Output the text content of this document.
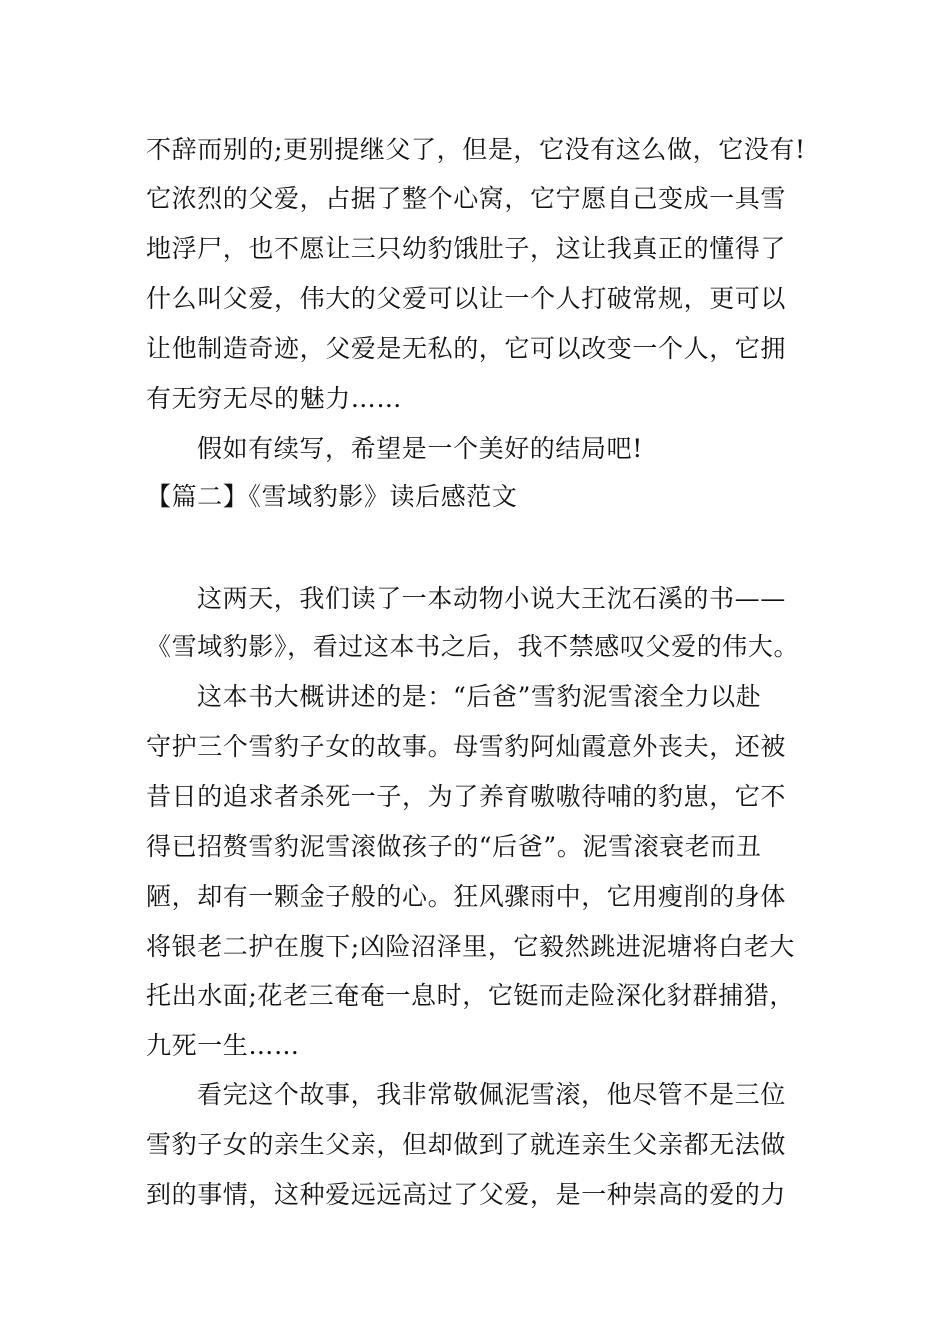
不辞而别的;更别提继父了，但是，它没有这么做，它没有!
它浓烈的父爱，占据了整个心窝，它宁愿自己变成一具雪
地浮尸，也不愿让三只幼豹饿肚子，这让我真正的懂得了
什么叫父爱，伟大的父爱可以让一个人打破常规，更可以
让他制造奇迹，父爱是无私的，它可以改变一个人，它拥
有无穷无尽的魅力……
假如有续写，希望是一个美好的结局吧!
【篇二】《雪域豹影》读后感范文
这两天，我们读了一本动物小说大王沈石溪的书——
《雪域豹影》，看过这本书之后，我不禁感叹父爱的伟大。
这本书大概讲述的是：“后爸”雪豹泥雪滚全力以赴
守护三个雪豹子女的故事。母雪豹阿灿霞意外丧夫，还被
昔日的追求者杀死一子，为了养育嗷嗷待哺的豹崽，它不
得已招赘雪豹泥雪滚做孩子的“后爸”。泥雪滚衰老而丑
陋，却有一颗金子般的心。狂风骤雨中，它用瘦削的身体
将银老二护在腹下;凶险沼泽里，它毅然跳进泥塘将白老大
托出水面;花老三奄奄一息时，它铤而走险深化豺群捕猎，
九死一生……
看完这个故事，我非常敬佩泥雪滚，他尽管不是三位
雪豹子女的亲生父亲，但却做到了就连亲生父亲都无法做
到的事情，这种爱远远高过了父爱，是一种崇高的爱的力
